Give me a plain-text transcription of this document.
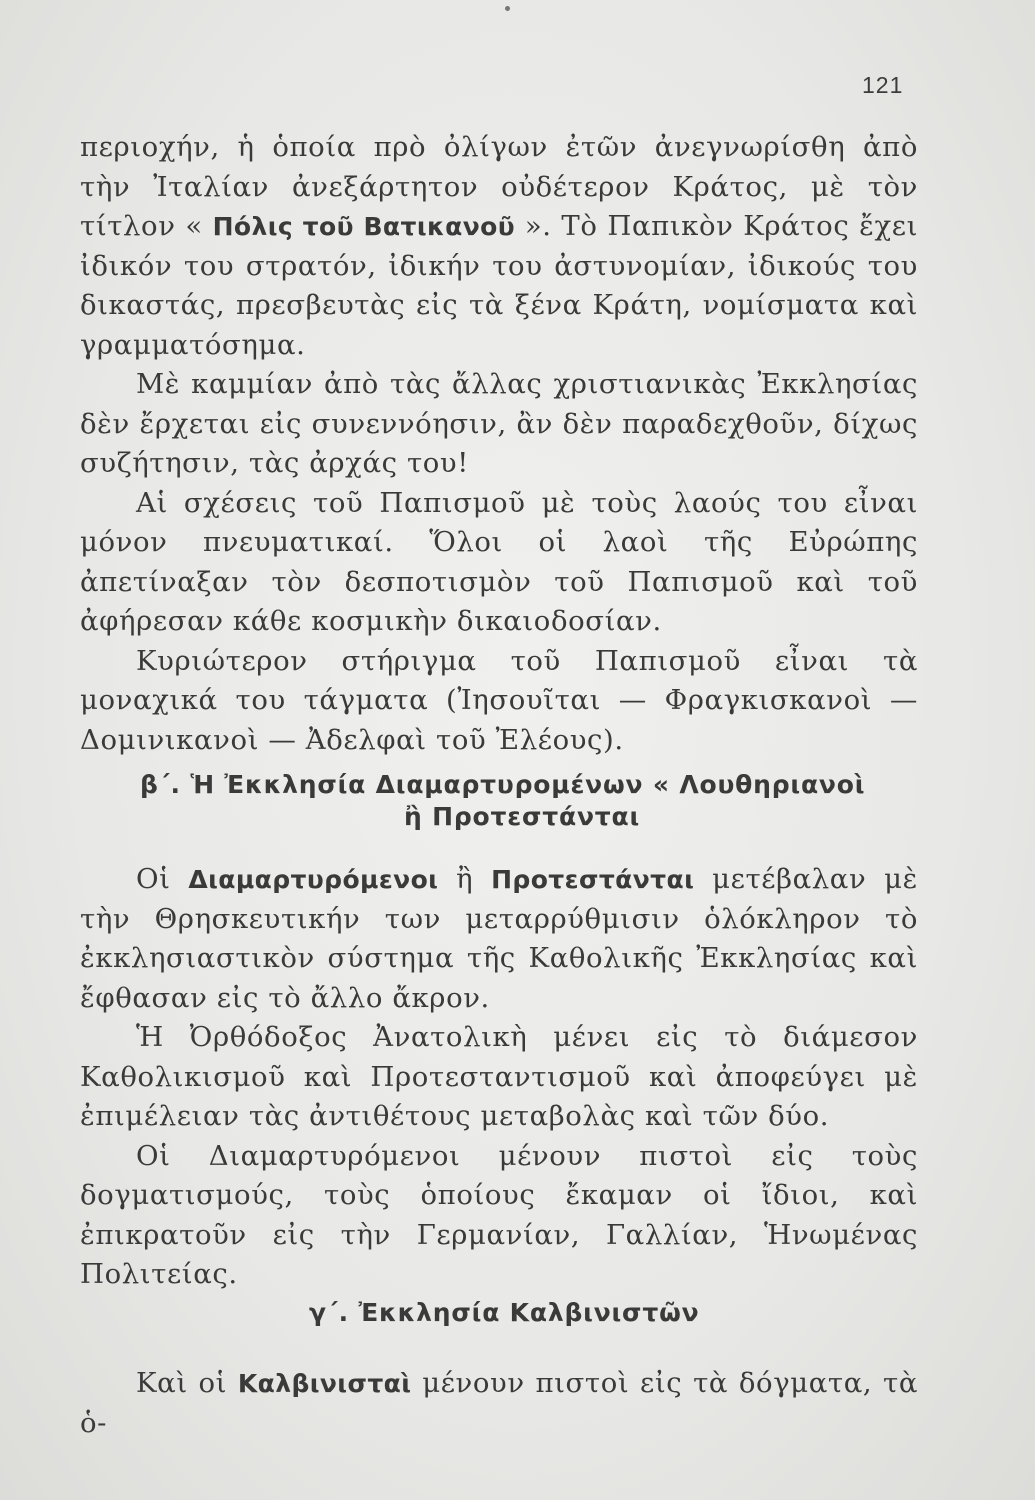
121

περιοχήν, ἡ ὁποία πρὸ ὀλίγων ἐτῶν ἀνεγνωρίσθη ἀπὸ τὴν Ἰταλίαν ἀνεξάρτητον οὐδέτερον Κράτος, μὲ τὸν τίτλον « Πόλις τοῦ Βατικανοῦ ». Τὸ Παπικὸν Κράτος ἔχει ἰδικόν του στρατόν, ἰδικήν του ἀστυνομίαν, ἰδικούς του δικαστάς, πρεσβευτὰς εἰς τὰ ξένα Κράτη, νομίσματα καὶ γραμματόσημα.

Μὲ καμμίαν ἀπὸ τὰς ἄλλας χριστιανικὰς Ἐκκλησίας δὲν ἔρχεται εἰς συνεννόησιν, ἂν δὲν παραδεχθοῦν, δίχως συζήτησιν, τὰς ἀρχάς του!

Αἱ σχέσεις τοῦ Παπισμοῦ μὲ τοὺς λαούς του εἶναι μόνον πνευματικαί. Ὅλοι οἱ λαοὶ τῆς Εὐρώπης ἀπετίναξαν τὸν δεσποτισμὸν τοῦ Παπισμοῦ καὶ τοῦ ἀφήρεσαν κάθε κοσμικὴν δικαιοδοσίαν.

Κυριώτερον στήριγμα τοῦ Παπισμοῦ εἶναι τὰ μοναχικά του τάγματα (Ἰησουῖται — Φραγκισκανοὶ — Δομινικανοὶ — Ἀδελφαὶ τοῦ Ἐλέους).

β΄. Ἡ Ἐκκλησία Διαμαρτυρομένων « Λουθηριανοὶ
ἢ Προτεστάνται

Οἱ Διαμαρτυρόμενοι ἢ Προτεστάνται μετέβαλαν μὲ τὴν Θρησκευτικήν των μεταρρύθμισιν ὁλόκληρον τὸ ἐκκλησιαστικὸν σύστημα τῆς Καθολικῆς Ἐκκλησίας καὶ ἔφθασαν εἰς τὸ ἄλλο ἄκρον.

Ἡ Ὀρθόδοξος Ἀνατολικὴ μένει εἰς τὸ διάμεσον Καθολικισμοῦ καὶ Προτεσταντισμοῦ καὶ ἀποφεύγει μὲ ἐπιμέλειαν τὰς ἀντιθέτους μεταβολὰς καὶ τῶν δύο.

Οἱ Διαμαρτυρόμενοι μένουν πιστοὶ εἰς τοὺς δογματισμούς, τοὺς ὁποίους ἔκαμαν οἱ ἴδιοι, καὶ ἐπικρατοῦν εἰς τὴν Γερμανίαν, Γαλλίαν, Ἡνωμένας Πολιτείας.

γ΄. Ἐκκλησία Καλβινιστῶν

Καὶ οἱ Καλβινισταὶ μένουν πιστοὶ εἰς τὰ δόγματα, τὰ ὁ-
